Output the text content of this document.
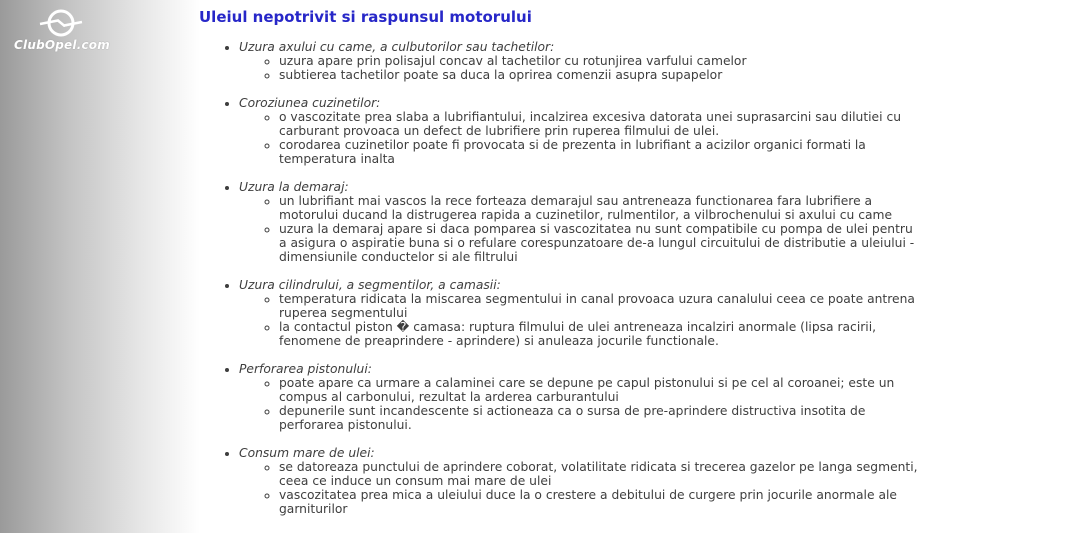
ClubOpel.com
Uleiul nepotrivit si raspunsul motorului
• Uzura axului cu came, a culbutorilor sau tachetilor:
◦ uzura apare prin polisajul concav al tachetilor cu rotunjirea varfului camelor
◦ subtierea tachetilor poate sa duca la oprirea comenzii asupra supapelor
• Coroziunea cuzinetilor:
◦ o vascozitate prea slaba a lubrifiantului, incalzirea excesiva datorata unei suprasarcini sau dilutiei cu carburant provoaca un defect de lubrifiere prin ruperea filmului de ulei.
◦ corodarea cuzinetilor poate fi provocata si de prezenta in lubrifiant a acizilor organici formati la temperatura inalta
• Uzura la demaraj:
◦ un lubrifiant mai vascos la rece forteaza demarajul sau antreneaza functionarea fara lubrifiere a motorului ducand la distrugerea rapida a cuzinetilor, rulmentilor, a vilbrochenului si axului cu came
◦ uzura la demaraj apare si daca pomparea si vascozitatea nu sunt compatibile cu pompa de ulei pentru a asigura o aspiratie buna si o refulare corespunzatoare de-a lungul circuitului de distributie a uleiului - dimensiunile conductelor si ale filtrului
• Uzura cilindrului, a segmentilor, a camasii:
◦ temperatura ridicata la miscarea segmentului in canal provoaca uzura canalului ceea ce poate antrena ruperea segmentului
◦ la contactul piston � camasa: ruptura filmului de ulei antreneaza incalziri anormale (lipsa racirii, fenomene de preaprindere - aprindere) si anuleaza jocurile functionale.
• Perforarea pistonului:
◦ poate apare ca urmare a calaminei care se depune pe capul pistonului si pe cel al coroanei; este un compus al carbonului, rezultat la arderea carburantului
◦ depunerile sunt incandescente si actioneaza ca o sursa de pre-aprindere distructiva insotita de perforarea pistonului.
• Consum mare de ulei:
◦ se datoreaza punctului de aprindere coborat, volatilitate ridicata si trecerea gazelor pe langa segmenti, ceea ce induce un consum mai mare de ulei
◦ vascozitatea prea mica a uleiului duce la o crestere a debitului de curgere prin jocurile anormale ale garniturilor
